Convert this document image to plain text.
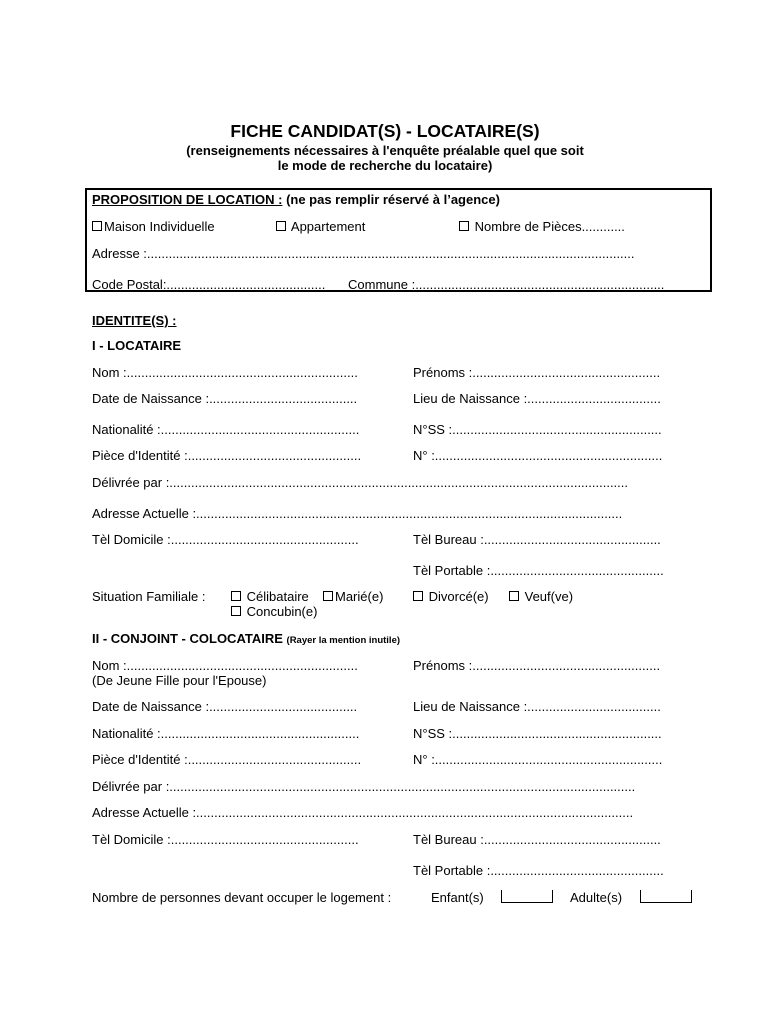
FICHE CANDIDAT(S) - LOCATAIRE(S)
(renseignements nécessaires à l'enquête préalable quel que soit
le mode de recherche du locataire)
PROPOSITION DE LOCATION : (ne pas remplir réservé à l’agence)
Maison Individuelle	Appartement	Nombre de Pièces............
Adresse :.......................................................................................................................................
Code Postal:............................................ Commune :.....................................................................
IDENTITE(S) :
I - LOCATAIRE
Nom :................................................................	Prénoms :....................................................
Date de Naissance :.........................................	Lieu de Naissance :.....................................
Nationalité :.......................................................	N°SS :..........................................................
Pièce d'Identité :................................................	N° :...............................................................
Délivrée par :...............................................................................................................................
Adresse Actuelle :......................................................................................................................
Tèl Domicile :....................................................	Tèl Bureau :.................................................
Tèl Portable :................................................
Situation Familiale :	Célibataire	Marié(e)	Divorcé(e)	Veuf(ve)
Concubin(e)
II - CONJOINT - COLOCATAIRE (Rayer la mention inutile)
Nom :................................................................	Prénoms :....................................................
(De Jeune Fille pour l'Epouse)
Date de Naissance :.........................................	Lieu de Naissance :.....................................
Nationalité :.......................................................	N°SS :..........................................................
Pièce d'Identité :................................................	N° :...............................................................
Délivrée par :.................................................................................................................................
Adresse Actuelle :.........................................................................................................................
Tèl Domicile :....................................................	Tèl Bureau :.................................................
Tèl Portable :................................................
Nombre de personnes devant occuper le logement :	Enfant(s)	Adulte(s)
